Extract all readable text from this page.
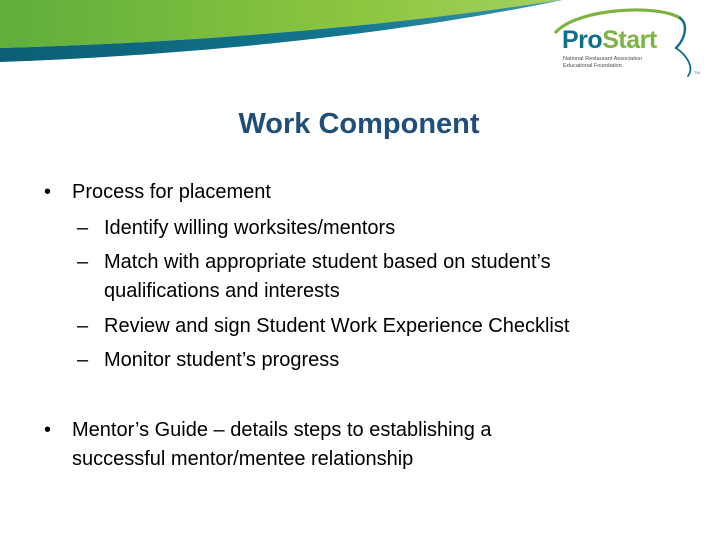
ProStart
National Restaurant Association
Educational Foundation
TM
Work Component
• Process for placement
– Identify willing worksites/mentors
– Match with appropriate student based on student’s
qualifications and interests
– Review and sign Student Work Experience Checklist
– Monitor student’s progress
• Mentor’s Guide – details steps to establishing a
successful mentor/mentee relationship
